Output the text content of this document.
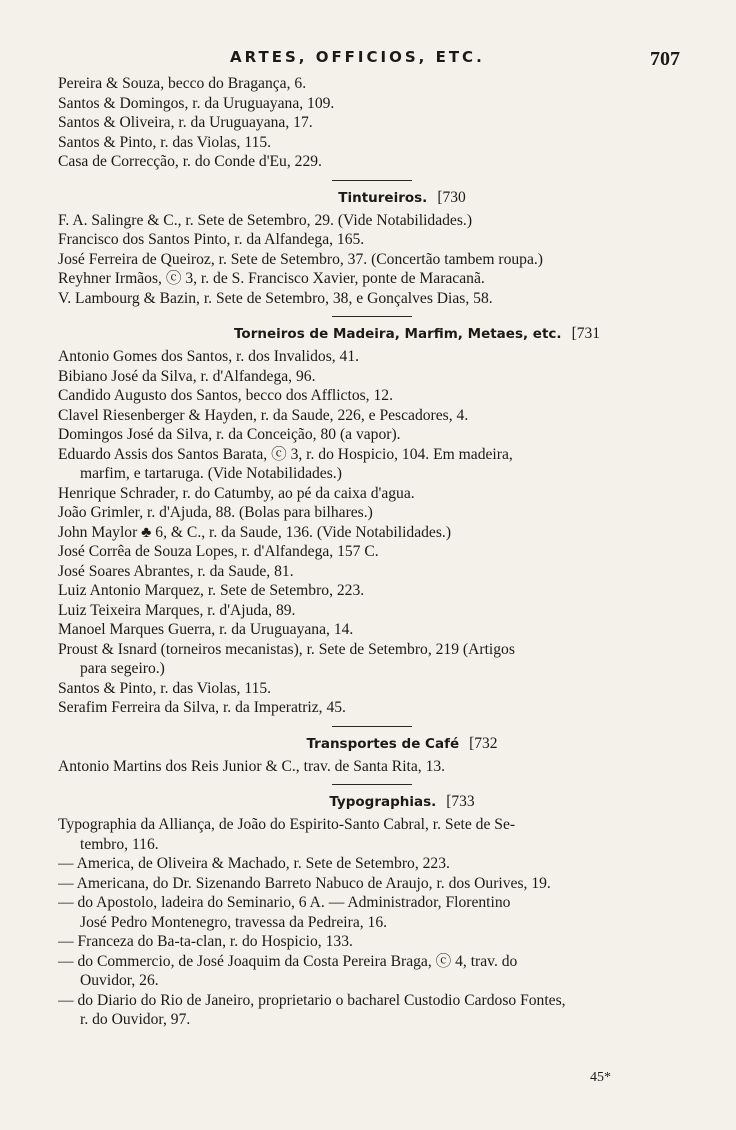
ARTES, OFFICIOS, ETC.	707
Pereira & Souza, becco do Bragança, 6.
Santos & Domingos, r. da Uruguayana, 109.
Santos & Oliveira, r. da Uruguayana, 17.
Santos & Pinto, r. das Violas, 115.
Casa de Correcção, r. do Conde d'Eu, 229.
Tintureiros. [730
F. A. Salingre & C., r. Sete de Setembro, 29. (Vide Notabilidades.)
Francisco dos Santos Pinto, r. da Alfandega, 165.
José Ferreira de Queiroz, r. Sete de Setembro, 37. (Concertão tambem roupa.)
Reyhner Irmãos, ⓒ 3, r. de S. Francisco Xavier, ponte de Maracanã.
V. Lambourg & Bazin, r. Sete de Setembro, 38, e Gonçalves Dias, 58.
Torneiros de Madeira, Marfim, Metaes, etc. [731
Antonio Gomes dos Santos, r. dos Invalidos, 41.
Bibiano José da Silva, r. d'Alfandega, 96.
Candido Augusto dos Santos, becco dos Afflictos, 12.
Clavel Riesenberger & Hayden, r. da Saude, 226, e Pescadores, 4.
Domingos José da Silva, r. da Conceição, 80 (a vapor).
Eduardo Assis dos Santos Barata, ⓒ 3, r. do Hospicio, 104. Em madeira,
marfim, e tartaruga. (Vide Notabilidades.)
Henrique Schrader, r. do Catumby, ao pé da caixa d'agua.
João Grimler, r. d'Ajuda, 88. (Bolas para bilhares.)
John Maylor ♣ 6, & C., r. da Saude, 136. (Vide Notabilidades.)
José Corrêa de Souza Lopes, r. d'Alfandega, 157 C.
José Soares Abrantes, r. da Saude, 81.
Luiz Antonio Marquez, r. Sete de Setembro, 223.
Luiz Teixeira Marques, r. d'Ajuda, 89.
Manoel Marques Guerra, r. da Uruguayana, 14.
Proust & Isnard (torneiros mecanistas), r. Sete de Setembro, 219 (Artigos
para segeiro.)
Santos & Pinto, r. das Violas, 115.
Serafim Ferreira da Silva, r. da Imperatriz, 45.
Transportes de Café [732
Antonio Martins dos Reis Junior & C., trav. de Santa Rita, 13.
Typographias. [733
Typographia da Alliança, de João do Espirito-Santo Cabral, r. Sete de Se-
tembro, 116.
— America, de Oliveira & Machado, r. Sete de Setembro, 223.
— Americana, do Dr. Sizenando Barreto Nabuco de Araujo, r. dos Ourives, 19.
— do Apostolo, ladeira do Seminario, 6 A. — Administrador, Florentino
José Pedro Montenegro, travessa da Pedreira, 16.
— Franceza do Ba-ta-clan, r. do Hospicio, 133.
— do Commercio, de José Joaquim da Costa Pereira Braga, ⓒ 4, trav. do
Ouvidor, 26.
— do Diario do Rio de Janeiro, proprietario o bacharel Custodio Cardoso Fontes,
r. do Ouvidor, 97.
45*
